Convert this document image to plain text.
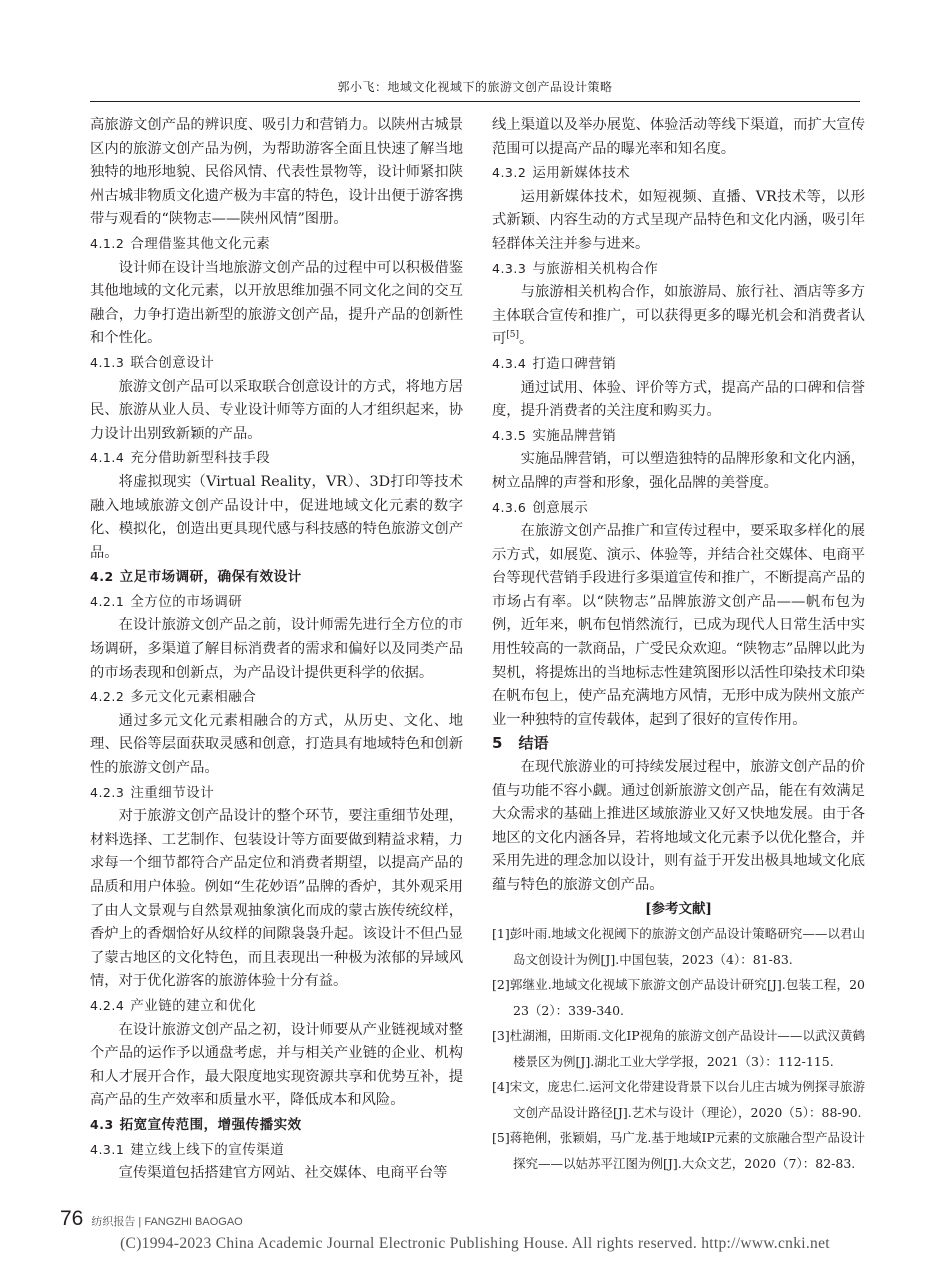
郭小飞：地域文化视域下的旅游文创产品设计策略

高旅游文创产品的辨识度、吸引力和营销力。以陕州古城景区内的旅游文创产品为例，为帮助游客全面且快速了解当地独特的地形地貌、民俗风情、代表性景物等，设计师紧扣陕州古城非物质文化遗产极为丰富的特色，设计出便于游客携带与观看的“陕物志——陕州风情”图册。

4.1.2 合理借鉴其他文化元素

设计师在设计当地旅游文创产品的过程中可以积极借鉴其他地域的文化元素，以开放思维加强不同文化之间的交互融合，力争打造出新型的旅游文创产品，提升产品的创新性和个性化。

4.1.3 联合创意设计

旅游文创产品可以采取联合创意设计的方式，将地方居民、旅游从业人员、专业设计师等方面的人才组织起来，协力设计出别致新颖的产品。

4.1.4 充分借助新型科技手段

将虚拟现实（Virtual Reality，VR）、3D打印等技术融入地域旅游文创产品设计中，促进地域文化元素的数字化、模拟化，创造出更具现代感与科技感的特色旅游文创产品。

4.2 立足市场调研，确保有效设计

4.2.1 全方位的市场调研

在设计旅游文创产品之前，设计师需先进行全方位的市场调研，多渠道了解目标消费者的需求和偏好以及同类产品的市场表现和创新点，为产品设计提供更科学的依据。

4.2.2 多元文化元素相融合

通过多元文化元素相融合的方式，从历史、文化、地理、民俗等层面获取灵感和创意，打造具有地域特色和创新性的旅游文创产品。

4.2.3 注重细节设计

对于旅游文创产品设计的整个环节，要注重细节处理，材料选择、工艺制作、包装设计等方面要做到精益求精，力求每一个细节都符合产品定位和消费者期望，以提高产品的品质和用户体验。例如“生花妙语”品牌的香炉，其外观采用了由人文景观与自然景观抽象演化而成的蒙古族传统纹样，香炉上的香烟恰好从纹样的间隙袅袅升起。该设计不但凸显了蒙古地区的文化特色，而且表现出一种极为浓郁的异域风情，对于优化游客的旅游体验十分有益。

4.2.4 产业链的建立和优化

在设计旅游文创产品之初，设计师要从产业链视域对整个产品的运作予以通盘考虑，并与相关产业链的企业、机构和人才展开合作，最大限度地实现资源共享和优势互补，提高产品的生产效率和质量水平，降低成本和风险。

4.3 拓宽宣传范围，增强传播实效

4.3.1 建立线上线下的宣传渠道

宣传渠道包括搭建官方网站、社交媒体、电商平台等

线上渠道以及举办展览、体验活动等线下渠道，而扩大宣传范围可以提高产品的曝光率和知名度。

4.3.2 运用新媒体技术

运用新媒体技术，如短视频、直播、VR技术等，以形式新颖、内容生动的方式呈现产品特色和文化内涵，吸引年轻群体关注并参与进来。

4.3.3 与旅游相关机构合作

与旅游相关机构合作，如旅游局、旅行社、酒店等多方主体联合宣传和推广，可以获得更多的曝光机会和消费者认可[5]。

4.3.4 打造口碑营销

通过试用、体验、评价等方式，提高产品的口碑和信誉度，提升消费者的关注度和购买力。

4.3.5 实施品牌营销

实施品牌营销，可以塑造独特的品牌形象和文化内涵，树立品牌的声誉和形象，强化品牌的美誉度。

4.3.6 创意展示

在旅游文创产品推广和宣传过程中，要采取多样化的展示方式，如展览、演示、体验等，并结合社交媒体、电商平台等现代营销手段进行多渠道宣传和推广，不断提高产品的市场占有率。以“陕物志”品牌旅游文创产品——帆布包为例，近年来，帆布包悄然流行，已成为现代人日常生活中实用性较高的一款商品，广受民众欢迎。“陕物志”品牌以此为契机，将提炼出的当地标志性建筑图形以活性印染技术印染在帆布包上，使产品充满地方风情，无形中成为陕州文旅产业一种独特的宣传载体，起到了很好的宣传作用。

5 结语

在现代旅游业的可持续发展过程中，旅游文创产品的价值与功能不容小觑。通过创新旅游文创产品，能在有效满足大众需求的基础上推进区域旅游业又好又快地发展。由于各地区的文化内涵各异，若将地域文化元素予以优化整合，并采用先进的理念加以设计，则有益于开发出极具地域文化底蕴与特色的旅游文创产品。

[参考文献]

[1]彭叶雨.地域文化视阈下的旅游文创产品设计策略研究——以君山岛文创设计为例[J].中国包装，2023（4）：81-83.

[2]郭继业.地域文化视域下旅游文创产品设计研究[J].包装工程，2023（2）：339-340.

[3]杜湖湘，田斯雨.文化IP视角的旅游文创产品设计——以武汉黄鹤楼景区为例[J].湖北工业大学学报，2021（3）：112-115.

[4]宋文，庞忠仁.运河文化带建设背景下以台儿庄古城为例探寻旅游文创产品设计路径[J].艺术与设计（理论），2020（5）：88-90.

[5]蒋艳俐，张颖娟，马广龙.基于地域IP元素的文旅融合型产品设计探究——以姑苏平江图为例[J].大众文艺，2020（7）：82-83.

76 纺织报告 | FANGZHI BAOGAO
(C)1994-2023 China Academic Journal Electronic Publishing House. All rights reserved. http://www.cnki.net
